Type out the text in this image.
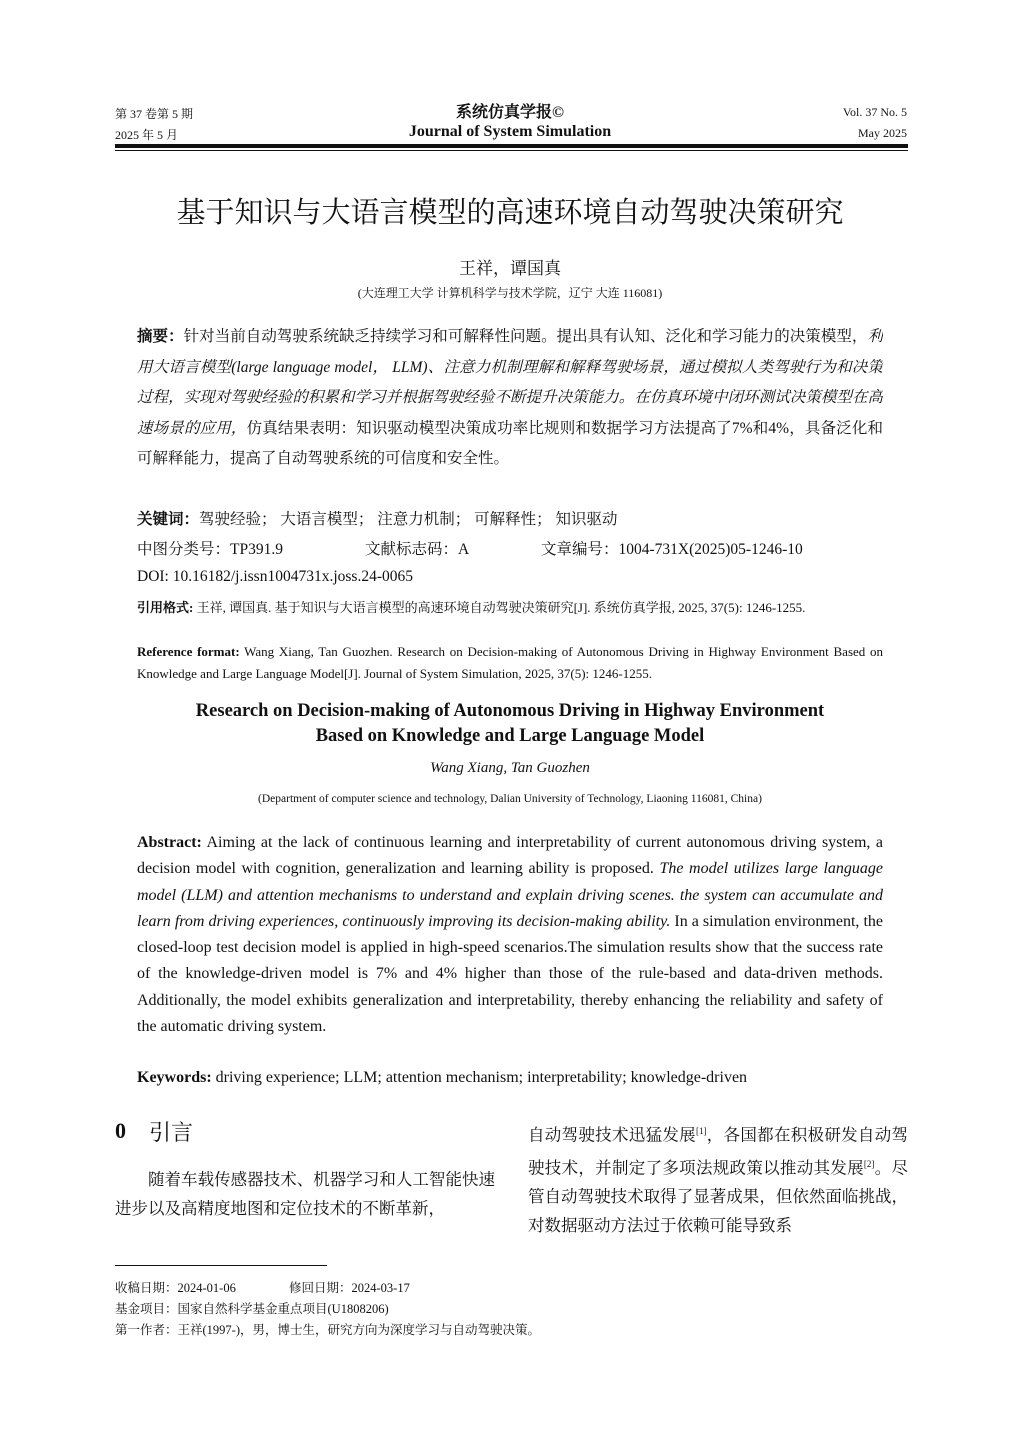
第 37 卷第 5 期
2025 年 5 月
系统仿真学报©
Journal of System Simulation
Vol. 37 No. 5
May 2025
基于知识与大语言模型的高速环境自动驾驶决策研究
王祥，谭国真
(大连理工大学 计算机科学与技术学院，辽宁 大连 116081)
摘要：针对当前自动驾驶系统缺乏持续学习和可解释性问题。提出具有认知、泛化和学习能力的决策模型，利用大语言模型(large language model， LLM)、注意力机制理解和解释驾驶场景，通过模拟人类驾驶行为和决策过程，实现对驾驶经验的积累和学习并根据驾驶经验不断提升决策能力。在仿真环境中闭环测试决策模型在高速场景的应用，仿真结果表明：知识驱动模型决策成功率比规则和数据学习方法提高了7%和4%，具备泛化和可解释能力，提高了自动驾驶系统的可信度和安全性。
关键词：驾驶经验； 大语言模型； 注意力机制； 可解释性； 知识驱动
中图分类号：TP391.9	文献标志码：A	文章编号：1004-731X(2025)05-1246-10
DOI: 10.16182/j.issn1004731x.joss.24-0065
引用格式: 王祥, 谭国真. 基于知识与大语言模型的高速环境自动驾驶决策研究[J]. 系统仿真学报, 2025, 37(5): 1246-1255.
Reference format: Wang Xiang, Tan Guozhen. Research on Decision-making of Autonomous Driving in Highway Environment Based on Knowledge and Large Language Model[J]. Journal of System Simulation, 2025, 37(5): 1246-1255.
Research on Decision-making of Autonomous Driving in Highway Environment
Based on Knowledge and Large Language Model
Wang Xiang, Tan Guozhen
(Department of computer science and technology, Dalian University of Technology, Liaoning 116081, China)
Abstract: Aiming at the lack of continuous learning and interpretability of current autonomous driving system, a decision model with cognition, generalization and learning ability is proposed. The model utilizes large language model (LLM) and attention mechanisms to understand and explain driving scenes. the system can accumulate and learn from driving experiences, continuously improving its decision-making ability. In a simulation environment, the closed-loop test decision model is applied in high-speed scenarios.The simulation results show that the success rate of the knowledge-driven model is 7% and 4% higher than those of the rule-based and data-driven methods. Additionally, the model exhibits generalization and interpretability, thereby enhancing the reliability and safety of the automatic driving system.
Keywords: driving experience; LLM; attention mechanism; interpretability; knowledge-driven
0 引言
随着车载传感器技术、机器学习和人工智能快速进步以及高精度地图和定位技术的不断革新，
自动驾驶技术迅猛发展[1]，各国都在积极研发自动驾驶技术，并制定了多项法规政策以推动其发展[2]。尽管自动驾驶技术取得了显著成果，但依然面临挑战，对数据驱动方法过于依赖可能导致系
收稿日期：2024-01-06	修回日期：2024-03-17
基金项目：国家自然科学基金重点项目(U1808206)
第一作者：王祥(1997-)，男，博士生，研究方向为深度学习与自动驾驶决策。
